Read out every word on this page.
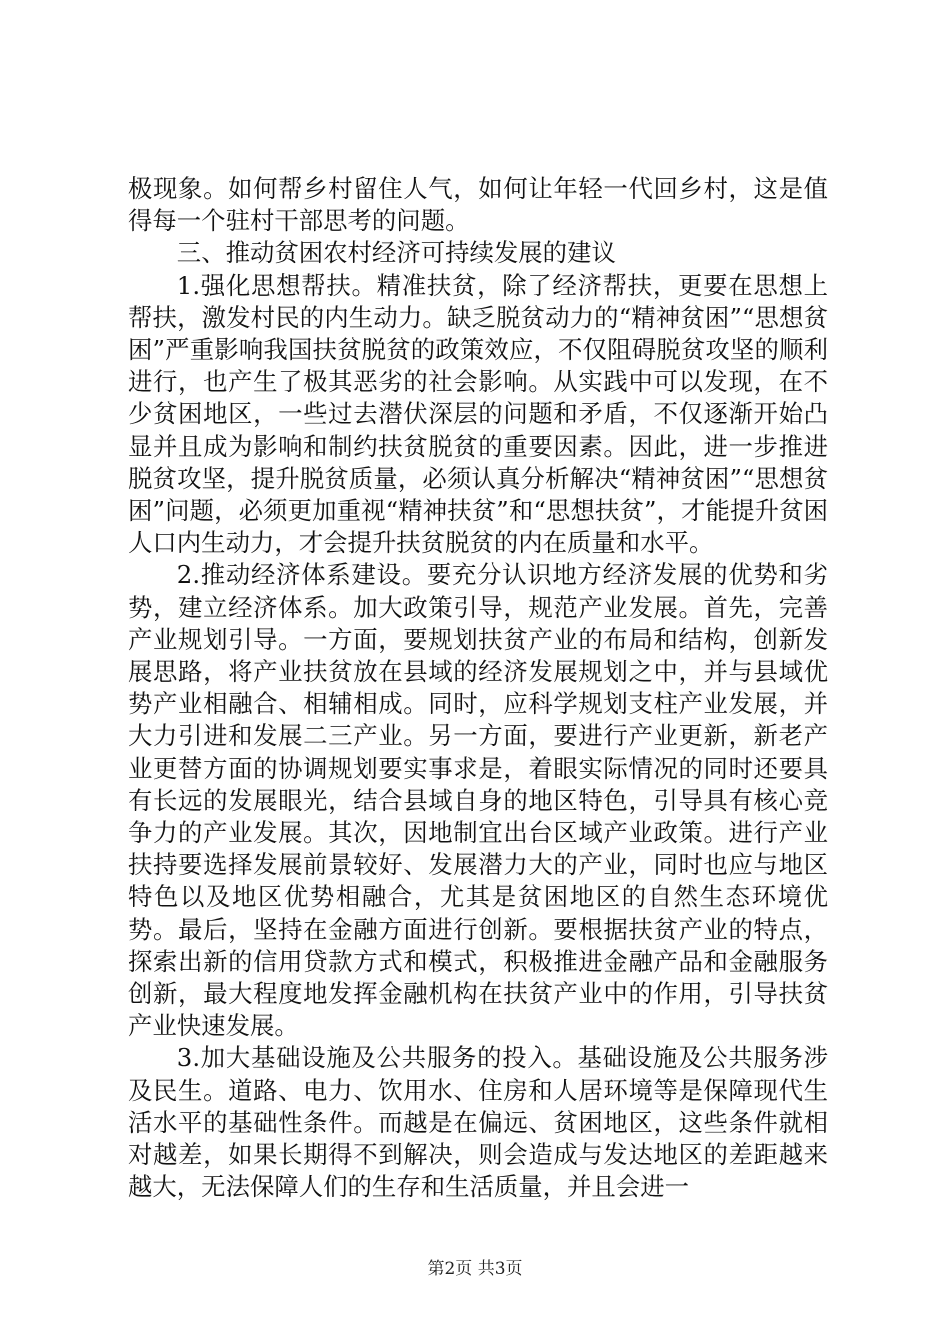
极现象。如何帮乡村留住人气，如何让年轻一代回乡村，这是值得每一个驻村干部思考的问题。

三、推动贫困农村经济可持续发展的建议

1.强化思想帮扶。精准扶贫，除了经济帮扶，更要在思想上帮扶，激发村民的内生动力。缺乏脱贫动力的“精神贫困”“思想贫困”严重影响我国扶贫脱贫的政策效应，不仅阻碍脱贫攻坚的顺利进行，也产生了极其恶劣的社会影响。从实践中可以发现，在不少贫困地区，一些过去潜伏深层的问题和矛盾，不仅逐渐开始凸显并且成为影响和制约扶贫脱贫的重要因素。因此，进一步推进脱贫攻坚，提升脱贫质量，必须认真分析解决“精神贫困”“思想贫困”问题，必须更加重视“精神扶贫”和“思想扶贫”，才能提升贫困人口内生动力，才会提升扶贫脱贫的内在质量和水平。

2.推动经济体系建设。要充分认识地方经济发展的优势和劣势，建立经济体系。加大政策引导，规范产业发展。首先，完善产业规划引导。一方面，要规划扶贫产业的布局和结构，创新发展思路，将产业扶贫放在县域的经济发展规划之中，并与县域优势产业相融合、相辅相成。同时，应科学规划支柱产业发展，并大力引进和发展二三产业。另一方面，要进行产业更新，新老产业更替方面的协调规划要实事求是，着眼实际情况的同时还要具有长远的发展眼光，结合县域自身的地区特色，引导具有核心竞争力的产业发展。其次，因地制宜出台区域产业政策。进行产业扶持要选择发展前景较好、发展潜力大的产业，同时也应与地区特色以及地区优势相融合，尤其是贫困地区的自然生态环境优势。最后，坚持在金融方面进行创新。要根据扶贫产业的特点，探索出新的信用贷款方式和模式，积极推进金融产品和金融服务创新，最大程度地发挥金融机构在扶贫产业中的作用，引导扶贫产业快速发展。

3.加大基础设施及公共服务的投入。基础设施及公共服务涉及民生。道路、电力、饮用水、住房和人居环境等是保障现代生活水平的基础性条件。而越是在偏远、贫困地区，这些条件就相对越差，如果长期得不到解决，则会造成与发达地区的差距越来越大，无法保障人们的生存和生活质量，并且会进一

第2页 共3页
